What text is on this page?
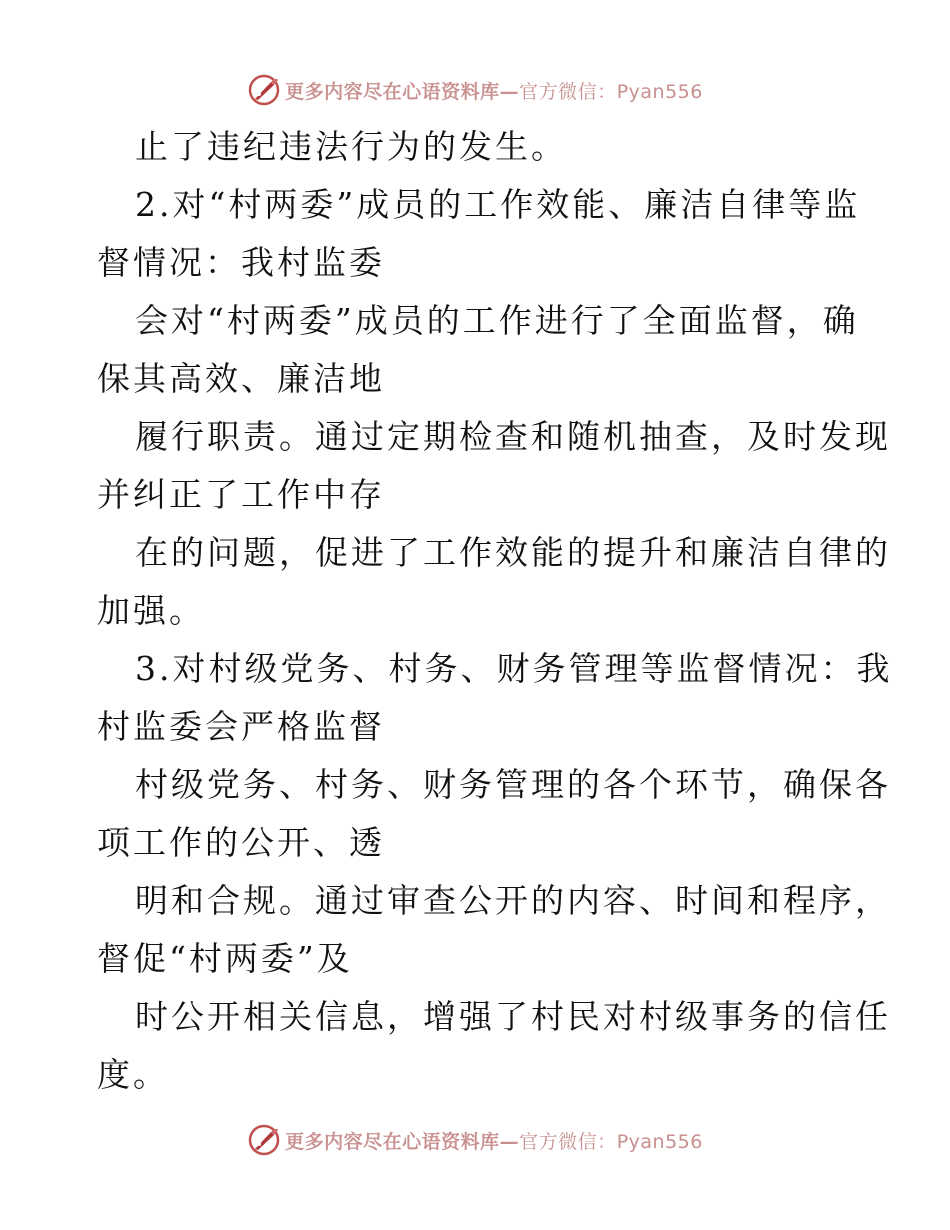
更多内容尽在心语资料库—官方微信：Pyan556
止了违纪违法行为的发生。
2.对“村两委”成员的工作效能、廉洁自律等监
督情况：我村监委
会对“村两委”成员的工作进行了全面监督，确
保其高效、廉洁地
履行职责。通过定期检查和随机抽查，及时发现
并纠正了工作中存
在的问题，促进了工作效能的提升和廉洁自律的
加强。
3.对村级党务、村务、财务管理等监督情况：我
村监委会严格监督
村级党务、村务、财务管理的各个环节，确保各
项工作的公开、透
明和合规。通过审查公开的内容、时间和程序，
督促“村两委”及
时公开相关信息，增强了村民对村级事务的信任
度。
更多内容尽在心语资料库—官方微信：Pyan556
